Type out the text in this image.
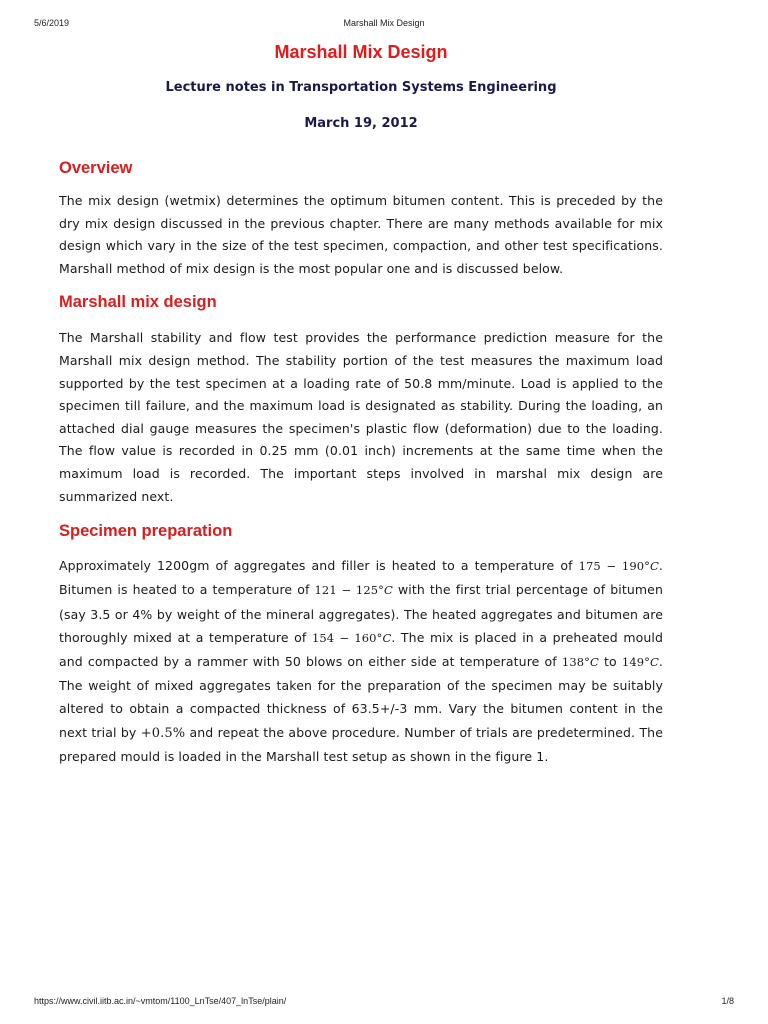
5/6/2019	Marshall Mix Design
Marshall Mix Design
Lecture notes in Transportation Systems Engineering
March 19, 2012
Overview

The mix design (wetmix) determines the optimum bitumen content. This is preceded by the dry mix design discussed in the previous chapter. There are many methods available for mix design which vary in the size of the test specimen, compaction, and other test specifications. Marshall method of mix design is the most popular one and is discussed below.

Marshall mix design

The Marshall stability and flow test provides the performance prediction measure for the Marshall mix design method. The stability portion of the test measures the maximum load supported by the test specimen at a loading rate of 50.8 mm/minute. Load is applied to the specimen till failure, and the maximum load is designated as stability. During the loading, an attached dial gauge measures the specimen's plastic flow (deformation) due to the loading. The flow value is recorded in 0.25 mm (0.01 inch) increments at the same time when the maximum load is recorded. The important steps involved in marshal mix design are summarized next.

Specimen preparation

Approximately 1200gm of aggregates and filler is heated to a temperature of 175 − 190°C. Bitumen is heated to a temperature of 121 − 125°C with the first trial percentage of bitumen (say 3.5 or 4% by weight of the mineral aggregates). The heated aggregates and bitumen are thoroughly mixed at a temperature of 154 − 160°C. The mix is placed in a preheated mould and compacted by a rammer with 50 blows on either side at temperature of 138°C to 149°C. The weight of mixed aggregates taken for the preparation of the specimen may be suitably altered to obtain a compacted thickness of 63.5+/-3 mm. Vary the bitumen content in the next trial by +0.5% and repeat the above procedure. Number of trials are predetermined. The prepared mould is loaded in the Marshall test setup as shown in the figure 1.

https://www.civil.iitb.ac.in/~vmtom/1100_LnTse/407_lnTse/plain/	1/8
